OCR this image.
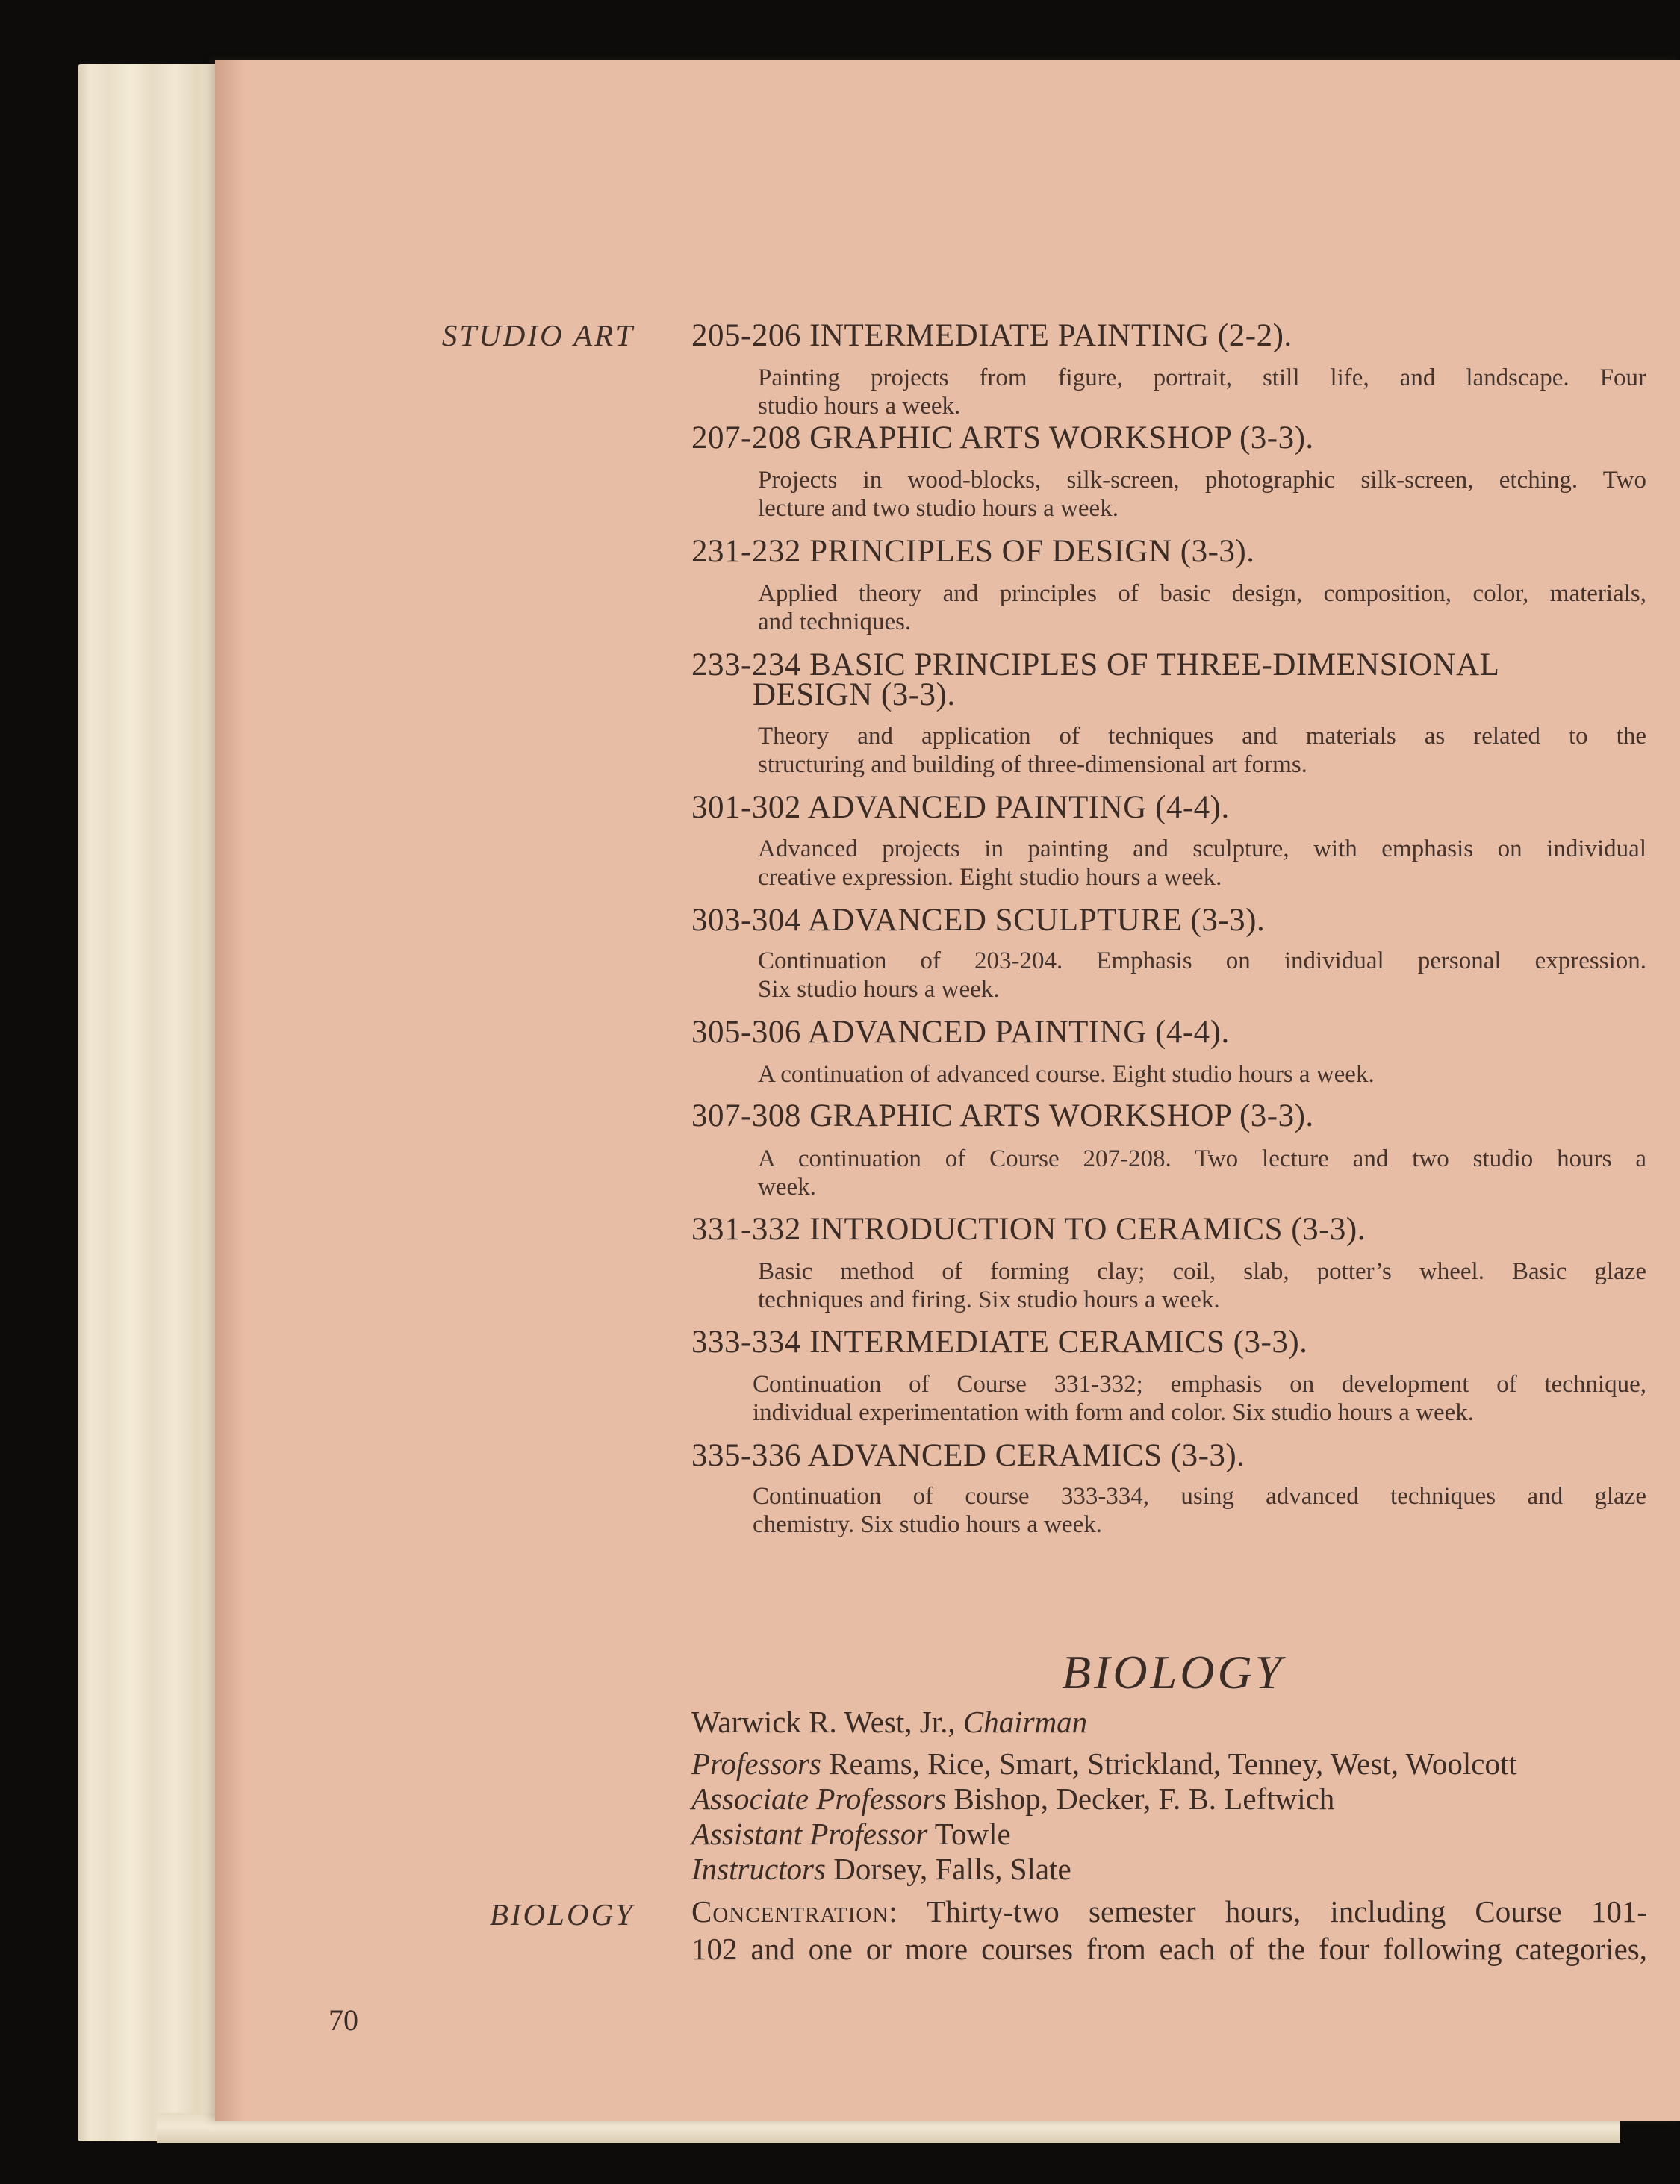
STUDIO ART 205-206 INTERMEDIATE PAINTING (2-2).
Painting projects from figure, portrait, still life, and landscape. Four
studio hours a week.
207-208 GRAPHIC ARTS WORKSHOP (3-3).
Projects in wood-blocks, silk-screen, photographic silk-screen, etching. Two
lecture and two studio hours a week.
231-232 PRINCIPLES OF DESIGN (3-3).
Applied theory and principles of basic design, composition, color, materials,
and techniques.
233-234 BASIC PRINCIPLES OF THREE-DIMENSIONAL
DESIGN (3-3).
Theory and application of techniques and materials as related to the
structuring and building of three-dimensional art forms.
301-302 ADVANCED PAINTING (4-4).
Advanced projects in painting and sculpture, with emphasis on individual
creative expression. Eight studio hours a week.
303-304 ADVANCED SCULPTURE (3-3).
Continuation of 203-204. Emphasis on individual personal expression.
Six studio hours a week.
305-306 ADVANCED PAINTING (4-4).
A continuation of advanced course. Eight studio hours a week.
307-308 GRAPHIC ARTS WORKSHOP (3-3).
A continuation of Course 207-208. Two lecture and two studio hours a
week.
331-332 INTRODUCTION TO CERAMICS (3-3).
Basic method of forming clay; coil, slab, potter’s wheel. Basic glaze
techniques and firing. Six studio hours a week.
333-334 INTERMEDIATE CERAMICS (3-3).
Continuation of Course 331-332; emphasis on development of technique,
individual experimentation with form and color. Six studio hours a week.
335-336 ADVANCED CERAMICS (3-3).
Continuation of course 333-334, using advanced techniques and glaze
chemistry. Six studio hours a week.
BIOLOGY
Warwick R. West, Jr., Chairman
Professors Reams, Rice, Smart, Strickland, Tenney, West, Woolcott
Associate Professors Bishop, Decker, F. B. Leftwich
Assistant Professor Towle
Instructors Dorsey, Falls, Slate
BIOLOGY Concentration: Thirty-two semester hours, including Course 101-
102 and one or more courses from each of the four following categories,
70
